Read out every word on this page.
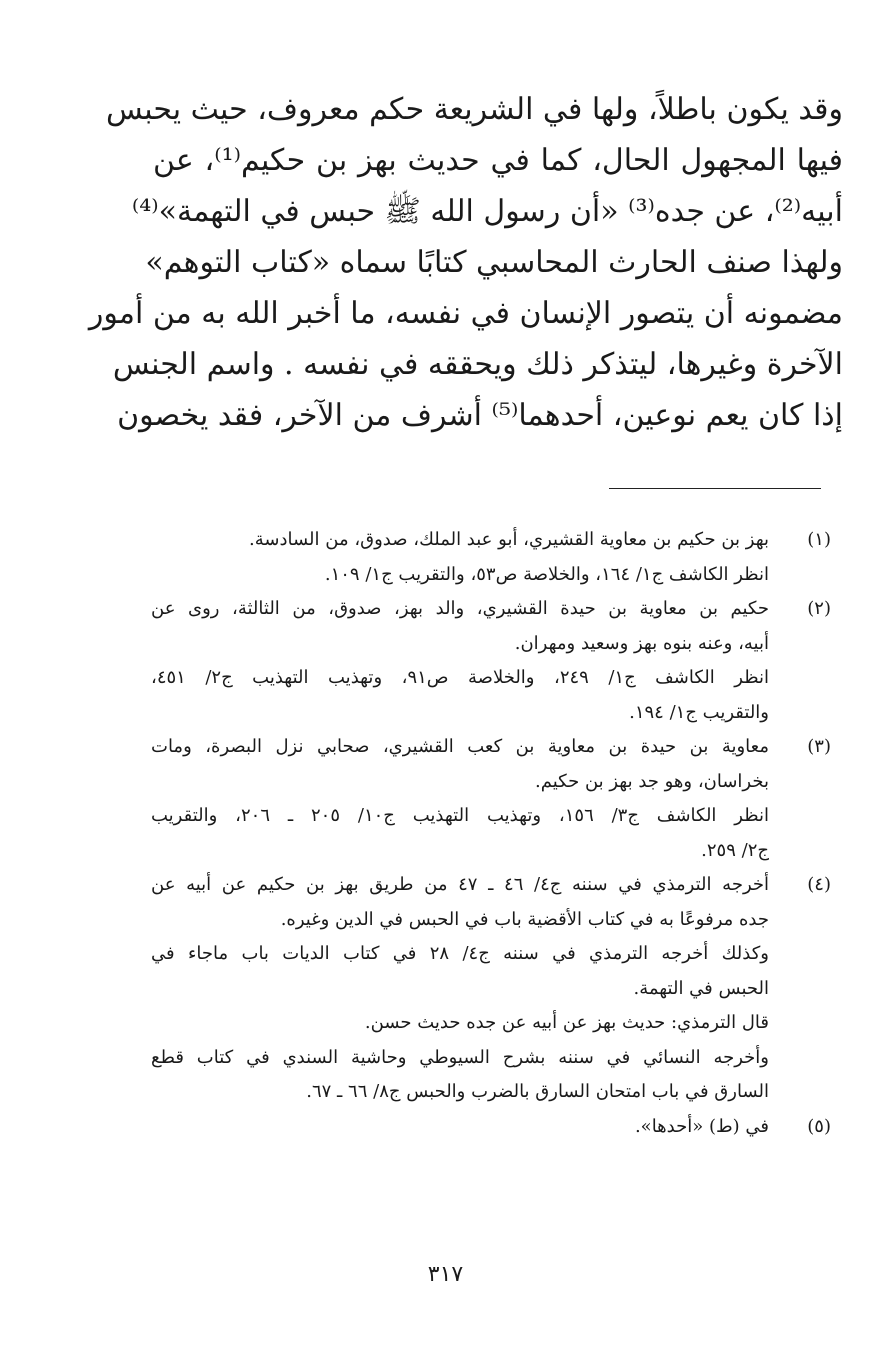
وقد يكون باطلاً، ولها في الشريعة حكم معروف، حيث يحبس
فيها المجهول الحال، كما في حديث بهز بن حكيم⁽¹⁾، عن
أبيه⁽²⁾، عن جده⁽³⁾ «أن رسول الله ﷺ حبس في التهمة»⁽⁴⁾
ولهذا صنف الحارث المحاسبي كتابًا سماه «كتاب التوهم»
مضمونه أن يتصور الإنسان في نفسه، ما أخبر الله به من أمور
الآخرة وغيرها، ليتذكر ذلك ويحققه في نفسه . واسم الجنس
إذا كان يعم نوعين، أحدهما⁽⁵⁾ أشرف من الآخر، فقد يخصون
(١)
بهز بن حكيم بن معاوية القشيري، أبو عبد الملك، صدوق، من السادسة.
انظر الكاشف ج١/ ١٦٤، والخلاصة ص٥٣، والتقريب ج١/ ١٠٩.
(٢)
حكيم بن معاوية بن حيدة القشيري، والد بهز، صدوق، من الثالثة، روى عن
أبيه، وعنه بنوه بهز وسعيد ومهران.
انظر الكاشف ج١/ ٢٤٩، والخلاصة ص٩١، وتهذيب التهذيب ج٢/ ٤٥١،
والتقريب ج١/ ١٩٤.
(٣)
معاوية بن حيدة بن معاوية بن كعب القشيري، صحابي نزل البصرة، ومات
بخراسان، وهو جد بهز بن حكيم.
انظر الكاشف ج٣/ ١٥٦، وتهذيب التهذيب ج١٠/ ٢٠٥ ـ ٢٠٦، والتقريب
ج٢/ ٢٥٩.
(٤)
أخرجه الترمذي في سننه ج٤/ ٤٦ ـ ٤٧ من طريق بهز بن حكيم عن أبيه عن
جده مرفوعًا به في كتاب الأقضية باب في الحبس في الدين وغيره.
وكذلك أخرجه الترمذي في سننه ج٤/ ٢٨ في كتاب الديات باب ماجاء في
الحبس في التهمة.
قال الترمذي: حديث بهز عن أبيه عن جده حديث حسن.
وأخرجه النسائي في سننه بشرح السيوطي وحاشية السندي في كتاب قطع
السارق في باب امتحان السارق بالضرب والحبس ج٨/ ٦٦ ـ ٦٧.
(٥)
في (ط) «أحدها».
٣١٧
